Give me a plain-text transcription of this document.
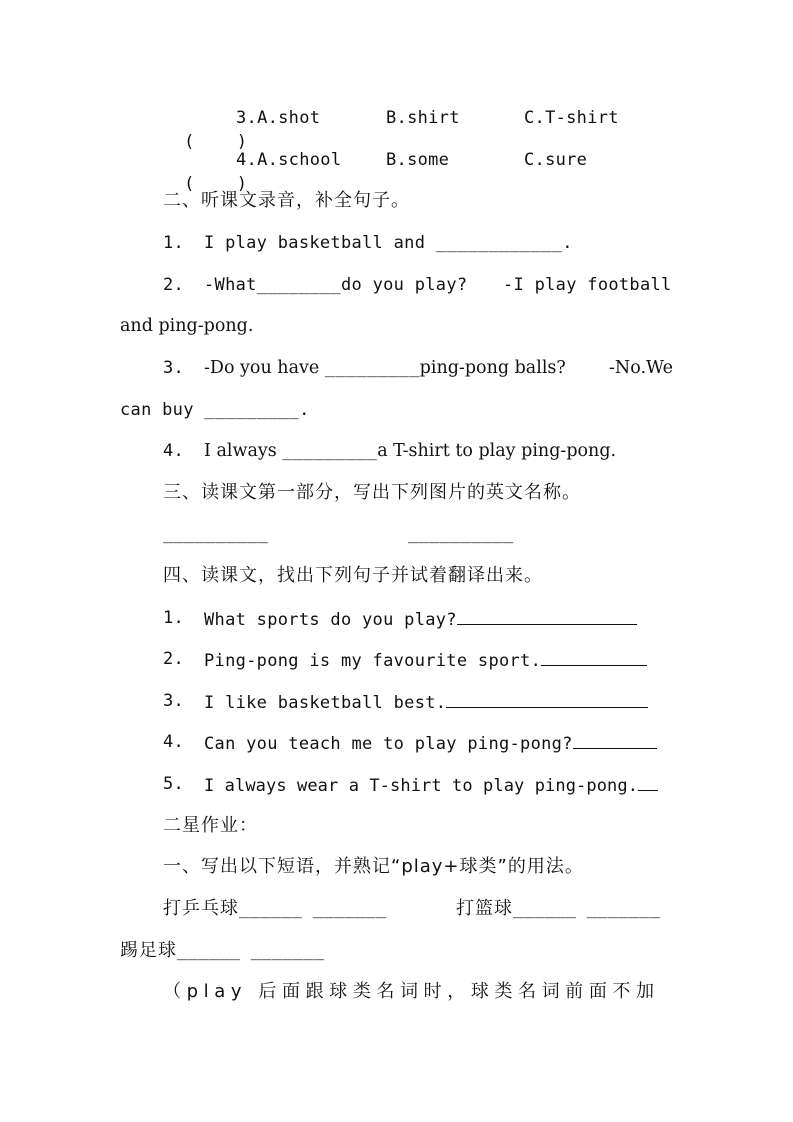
(    )

3.A.shot	B.shirt	C.T-shirt

(    )

4.A.school	B.some	C.sure
二、听课文录音，补全句子。
1. I play basketball and ____________.
2. -What________do you play? -I play football
and ping-pong.
3. -Do you have _________ping-pong balls? -No.We
can buy _________.
4. I always _________a T-shirt to play ping-pong.
三、读课文第一部分，写出下列图片的英文名称。
__________	__________
四、读课文，找出下列句子并试着翻译出来。
1. What sports do you play?
2. Ping-pong is my favourite sport.
3. I like basketball best.
4. Can you teach me to play ping-pong?
5. I always wear a T-shirt to play ping-pong.
二星作业：
一、写出以下短语，并熟记“play+球类”的用法。
打乒乓球______ _______	打篮球______ _______
踢足球______ _______
（play 后面跟球类名词时，球类名词前面不加
